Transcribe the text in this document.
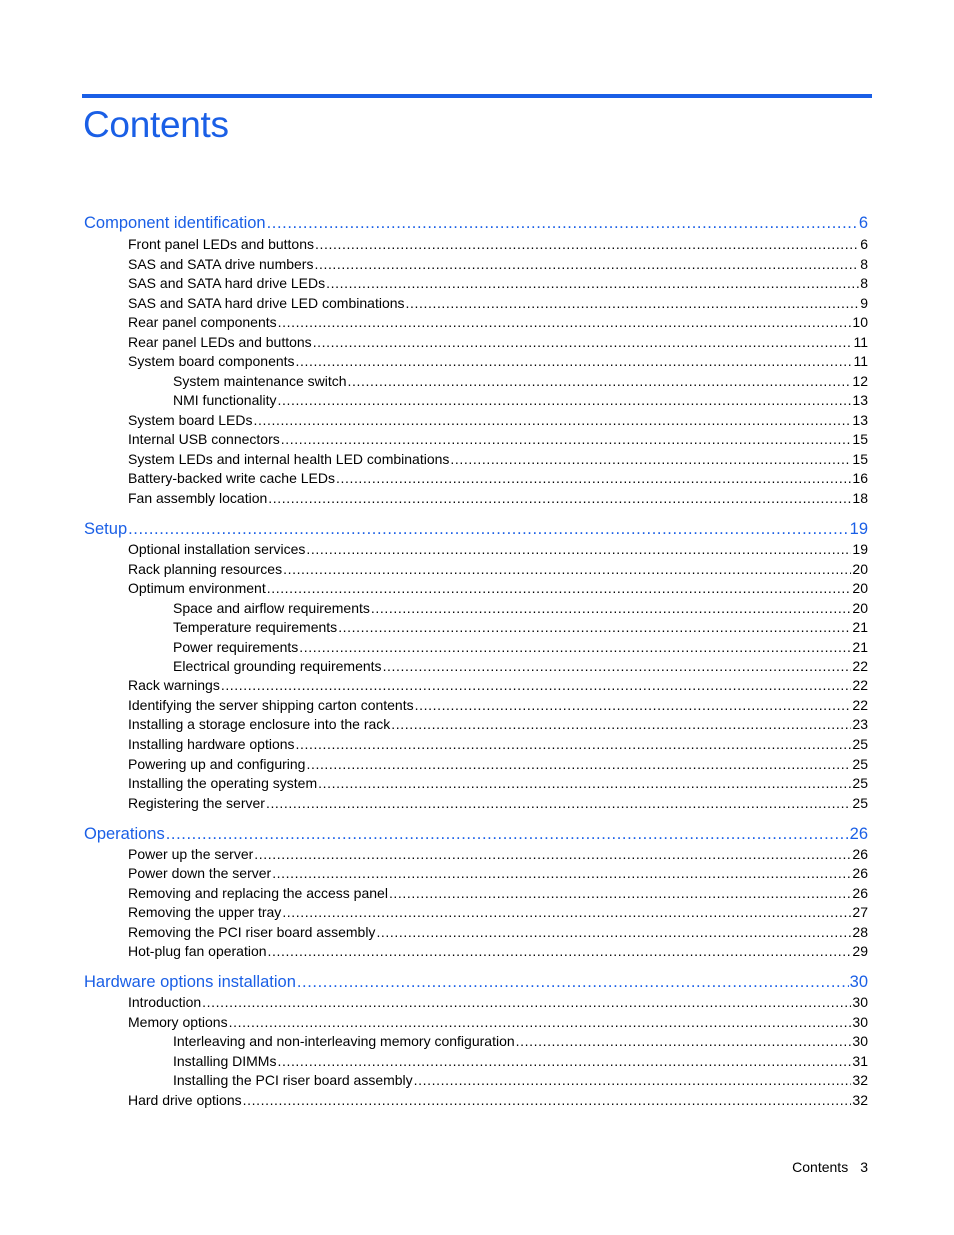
Contents
Component identification .....	6
Front panel LEDs and buttons .....	6
SAS and SATA drive numbers .....	8
SAS and SATA hard drive LEDs .....	8
SAS and SATA hard drive LED combinations .....	9
Rear panel components .....	10
Rear panel LEDs and buttons .....	11
System board components .....	11
System maintenance switch .....	12
NMI functionality .....	13
System board LEDs .....	13
Internal USB connectors .....	15
System LEDs and internal health LED combinations .....	15
Battery-backed write cache LEDs .....	16
Fan assembly location .....	18
Setup .....	19
Optional installation services .....	19
Rack planning resources .....	20
Optimum environment .....	20
Space and airflow requirements .....	20
Temperature requirements .....	21
Power requirements .....	21
Electrical grounding requirements .....	22
Rack warnings .....	22
Identifying the server shipping carton contents .....	22
Installing a storage enclosure into the rack .....	23
Installing hardware options .....	25
Powering up and configuring .....	25
Installing the operating system .....	25
Registering the server .....	25
Operations .....	26
Power up the server .....	26
Power down the server .....	26
Removing and replacing the access panel .....	26
Removing the upper tray .....	27
Removing the PCI riser board assembly .....	28
Hot-plug fan operation .....	29
Hardware options installation .....	30
Introduction .....	30
Memory options .....	30
Interleaving and non-interleaving memory configuration .....	30
Installing DIMMs .....	31
Installing the PCI riser board assembly .....	32
Hard drive options .....	32
Contents 3
